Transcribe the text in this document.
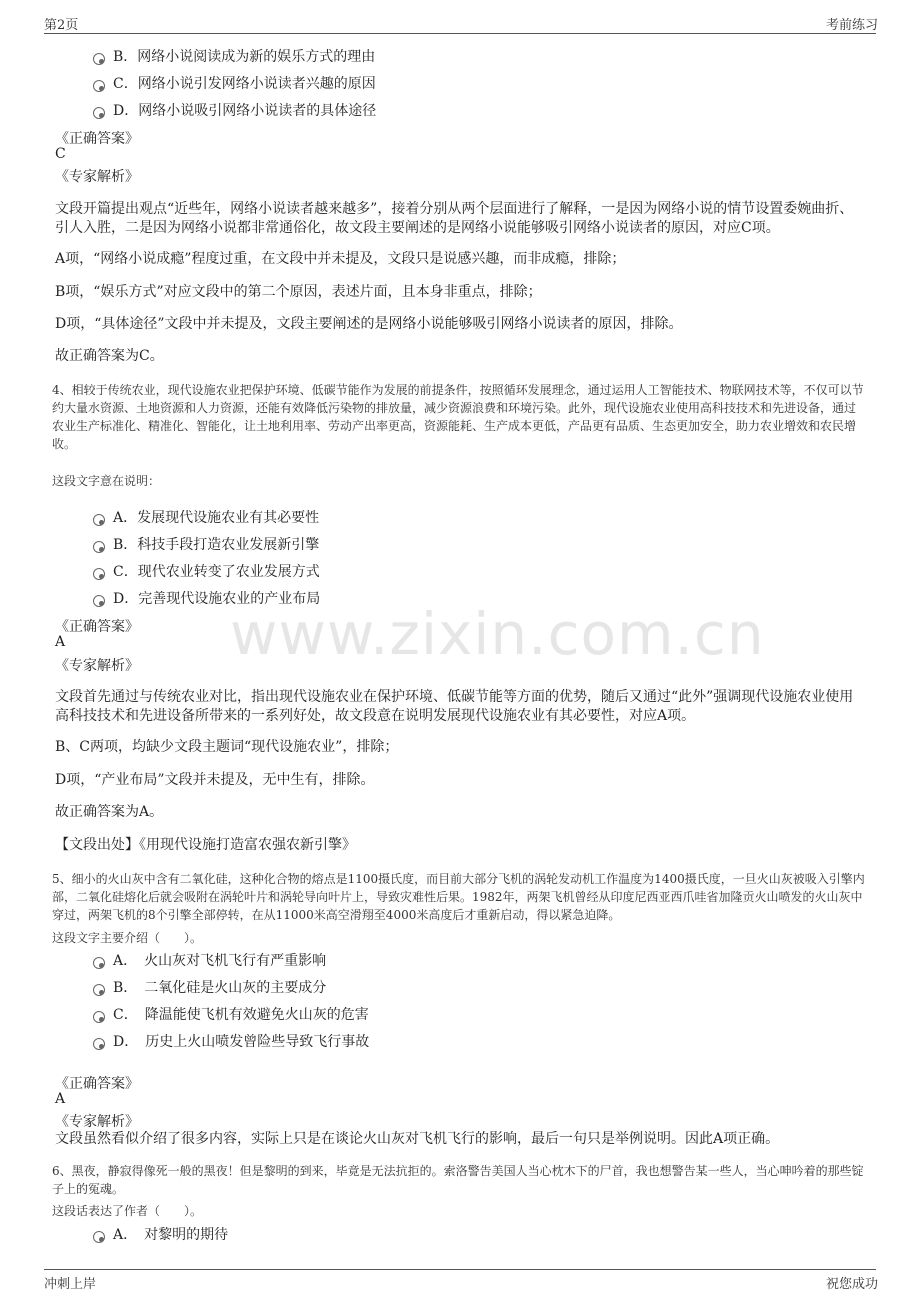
第2页	考前练习
www.zixin.com.cn
B．网络小说阅读成为新的娱乐方式的理由
C．网络小说引发网络小说读者兴趣的原因
D．网络小说吸引网络小说读者的具体途径
《正确答案》
C
《专家解析》
文段开篇提出观点“近些年，网络小说读者越来越多”，接着分别从两个层面进行了解释，一是因为网络小说的情节设置委婉曲折、引人入胜，二是因为网络小说都非常通俗化，故文段主要阐述的是网络小说能够吸引网络小说读者的原因，对应C项。
A项，“网络小说成瘾”程度过重，在文段中并未提及，文段只是说感兴趣，而非成瘾，排除；
B项，“娱乐方式”对应文段中的第二个原因，表述片面，且本身非重点，排除；
D项，“具体途径”文段中并未提及，文段主要阐述的是网络小说能够吸引网络小说读者的原因，排除。
故正确答案为C。
4、相较于传统农业，现代设施农业把保护环境、低碳节能作为发展的前提条件，按照循环发展理念，通过运用人工智能技术、物联网技术等，不仅可以节约大量水资源、土地资源和人力资源，还能有效降低污染物的排放量，减少资源浪费和环境污染。此外，现代设施农业使用高科技技术和先进设备，通过农业生产标准化、精准化、智能化，让土地利用率、劳动产出率更高，资源能耗、生产成本更低，产品更有品质、生态更加安全，助力农业增效和农民增收。
这段文字意在说明：
A．发展现代设施农业有其必要性
B．科技手段打造农业发展新引擎
C．现代农业转变了农业发展方式
D．完善现代设施农业的产业布局
《正确答案》
A
《专家解析》
文段首先通过与传统农业对比，指出现代设施农业在保护环境、低碳节能等方面的优势，随后又通过“此外”强调现代设施农业使用高科技技术和先进设备所带来的一系列好处，故文段意在说明发展现代设施农业有其必要性，对应A项。
B、C两项，均缺少文段主题词“现代设施农业”，排除；
D项，“产业布局”文段并未提及，无中生有，排除。
故正确答案为A。
【文段出处】《用现代设施打造富农强农新引擎》
5、细小的火山灰中含有二氧化硅，这种化合物的熔点是1100摄氏度，而目前大部分飞机的涡轮发动机工作温度为1400摄氏度，一旦火山灰被吸入引擎内部，二氧化硅熔化后就会吸附在涡轮叶片和涡轮导向叶片上，导致灾难性后果。1982年，两架飞机曾经从印度尼西亚西爪哇省加隆贡火山喷发的火山灰中穿过，两架飞机的8个引擎全部停转，在从11000米高空滑翔至4000米高度后才重新启动，得以紧急迫降。
这段文字主要介绍（　　）。
A．　火山灰对飞机飞行有严重影响
B．　二氧化硅是火山灰的主要成分
C．　降温能使飞机有效避免火山灰的危害
D．　历史上火山喷发曾险些导致飞行事故
《正确答案》
A
《专家解析》
文段虽然看似介绍了很多内容，实际上只是在谈论火山灰对飞机飞行的影响，最后一句只是举例说明。因此A项正确。
6、黑夜，静寂得像死一般的黑夜！但是黎明的到来，毕竟是无法抗拒的。索洛警告美国人当心枕木下的尸首，我也想警告某一些人，当心呻吟着的那些锭子上的冤魂。
这段话表达了作者（　　）。
A．　对黎明的期待
冲刺上岸	祝您成功
